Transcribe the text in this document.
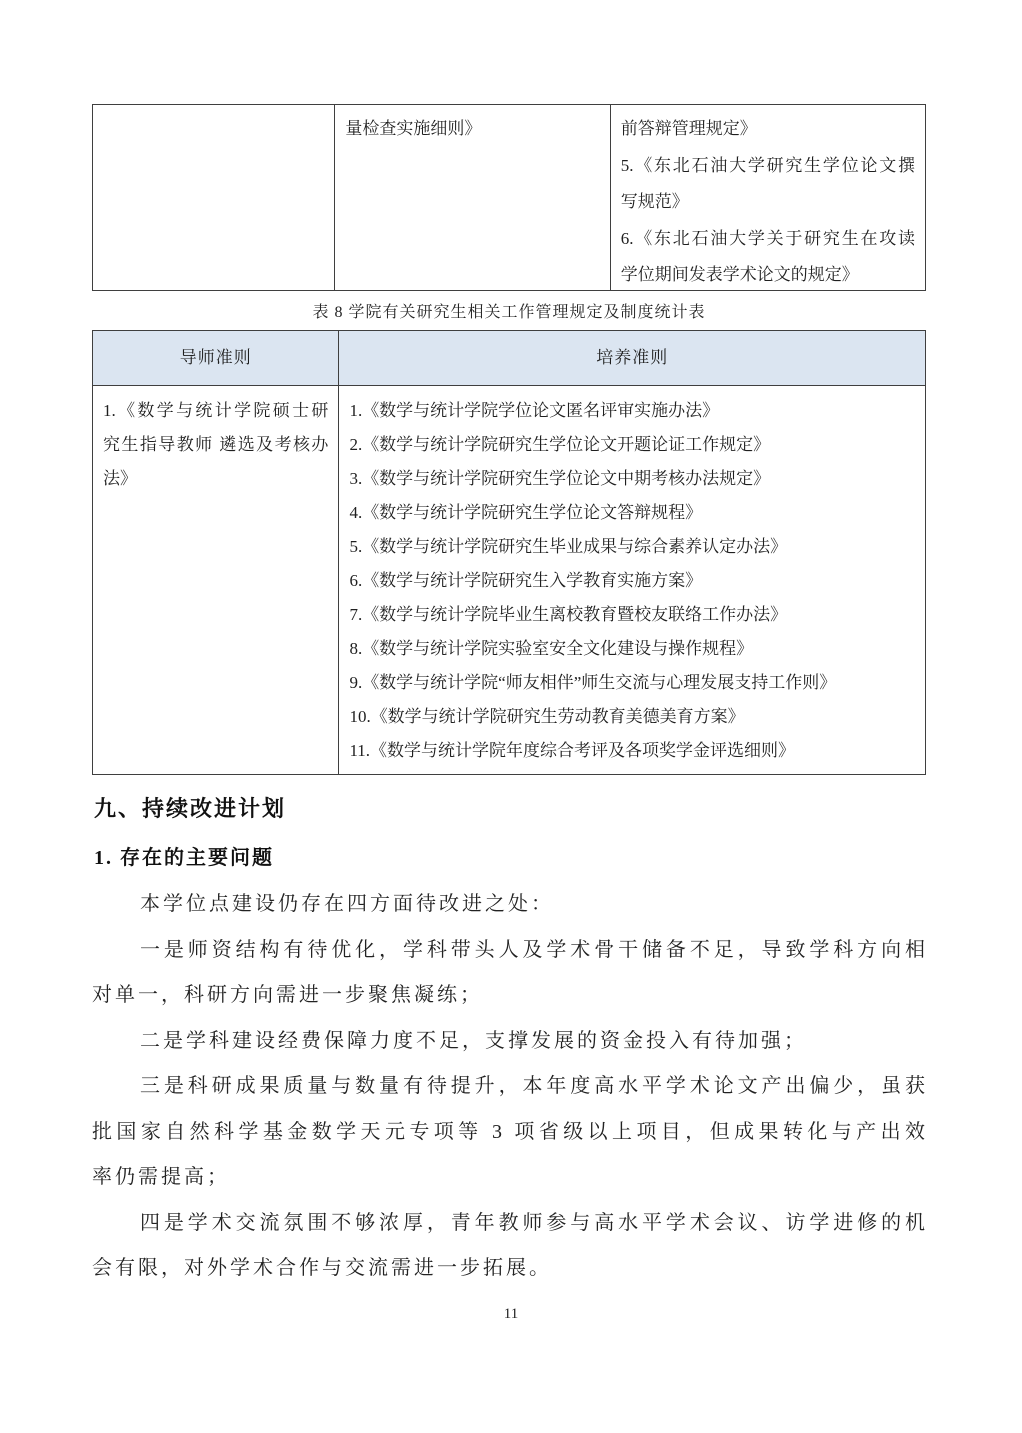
量检查实施细则》	前答辩管理规定》
5.《东北石油大学研究生学位论文撰
写规范》
6.《东北石油大学关于研究生在攻读
学位期间发表学术论文的规定》
表 8 学院有关研究生相关工作管理规定及制度统计表
导师准则	培养准则
1.《数学与统计学院硕士研
究生指导教师 遴选及考核办
法》
1.《数学与统计学院学位论文匿名评审实施办法》
2.《数学与统计学院研究生学位论文开题论证工作规定》
3.《数学与统计学院研究生学位论文中期考核办法规定》
4.《数学与统计学院研究生学位论文答辩规程》
5.《数学与统计学院研究生毕业成果与综合素养认定办法》
6.《数学与统计学院研究生入学教育实施方案》
7.《数学与统计学院毕业生离校教育暨校友联络工作办法》
8.《数学与统计学院实验室安全文化建设与操作规程》
9.《数学与统计学院“师友相伴”师生交流与心理发展支持工作则》
10.《数学与统计学院研究生劳动教育美德美育方案》
11.《数学与统计学院年度综合考评及各项奖学金评选细则》
九、持续改进计划
1. 存在的主要问题
本学位点建设仍存在四方面待改进之处：
一是师资结构有待优化，学科带头人及学术骨干储备不足，导致学科方向相
对单一，科研方向需进一步聚焦凝练；
二是学科建设经费保障力度不足，支撑发展的资金投入有待加强；
三是科研成果质量与数量有待提升，本年度高水平学术论文产出偏少，虽获
批国家自然科学基金数学天元专项等 3 项省级以上项目，但成果转化与产出效
率仍需提高；
四是学术交流氛围不够浓厚，青年教师参与高水平学术会议、访学进修的机
会有限，对外学术合作与交流需进一步拓展。
11
